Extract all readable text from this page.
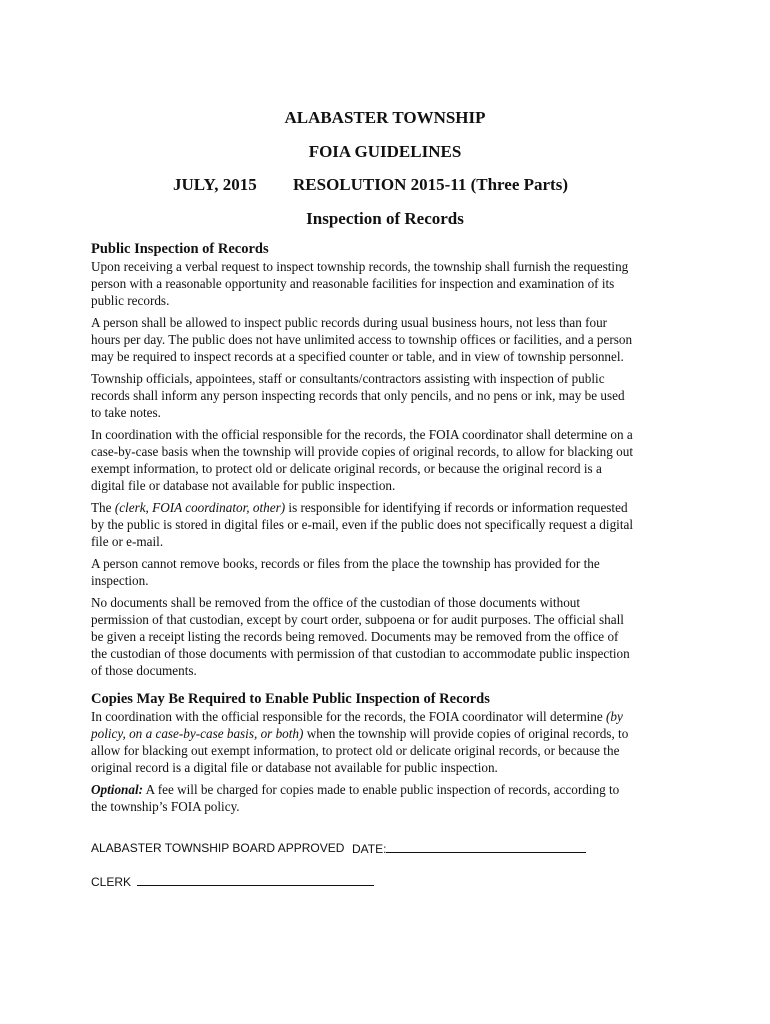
ALABASTER TOWNSHIP
FOIA GUIDELINES
JULY, 2015 RESOLUTION 2015-11 (Three Parts)
Inspection of Records
Public Inspection of Records

Upon receiving a verbal request to inspect township records, the township shall furnish the requesting person with a reasonable opportunity and reasonable facilities for inspection and examination of its public records.

A person shall be allowed to inspect public records during usual business hours, not less than four hours per day. The public does not have unlimited access to township offices or facilities, and a person may be required to inspect records at a specified counter or table, and in view of township personnel.

Township officials, appointees, staff or consultants/contractors assisting with inspection of public records shall inform any person inspecting records that only pencils, and no pens or ink, may be used to take notes.

In coordination with the official responsible for the records, the FOIA coordinator shall determine on a case-by-case basis when the township will provide copies of original records, to allow for blacking out exempt information, to protect old or delicate original records, or because the original record is a digital file or database not available for public inspection.

The (clerk, FOIA coordinator, other) is responsible for identifying if records or information requested by the public is stored in digital files or e-mail, even if the public does not specifically request a digital file or e-mail.

A person cannot remove books, records or files from the place the township has provided for the inspection.

No documents shall be removed from the office of the custodian of those documents without permission of that custodian, except by court order, subpoena or for audit purposes. The official shall be given a receipt listing the records being removed. Documents may be removed from the office of the custodian of those documents with permission of that custodian to accommodate public inspection of those documents.

Copies May Be Required to Enable Public Inspection of Records

In coordination with the official responsible for the records, the FOIA coordinator will determine (by policy, on a case-by-case basis, or both) when the township will provide copies of original records, to allow for blacking out exempt information, to protect old or delicate original records, or because the original record is a digital file or database not available for public inspection.

Optional: A fee will be charged for copies made to enable public inspection of records, according to the township’s FOIA policy.

ALABASTER TOWNSHIP BOARD APPROVED DATE:
CLERK
